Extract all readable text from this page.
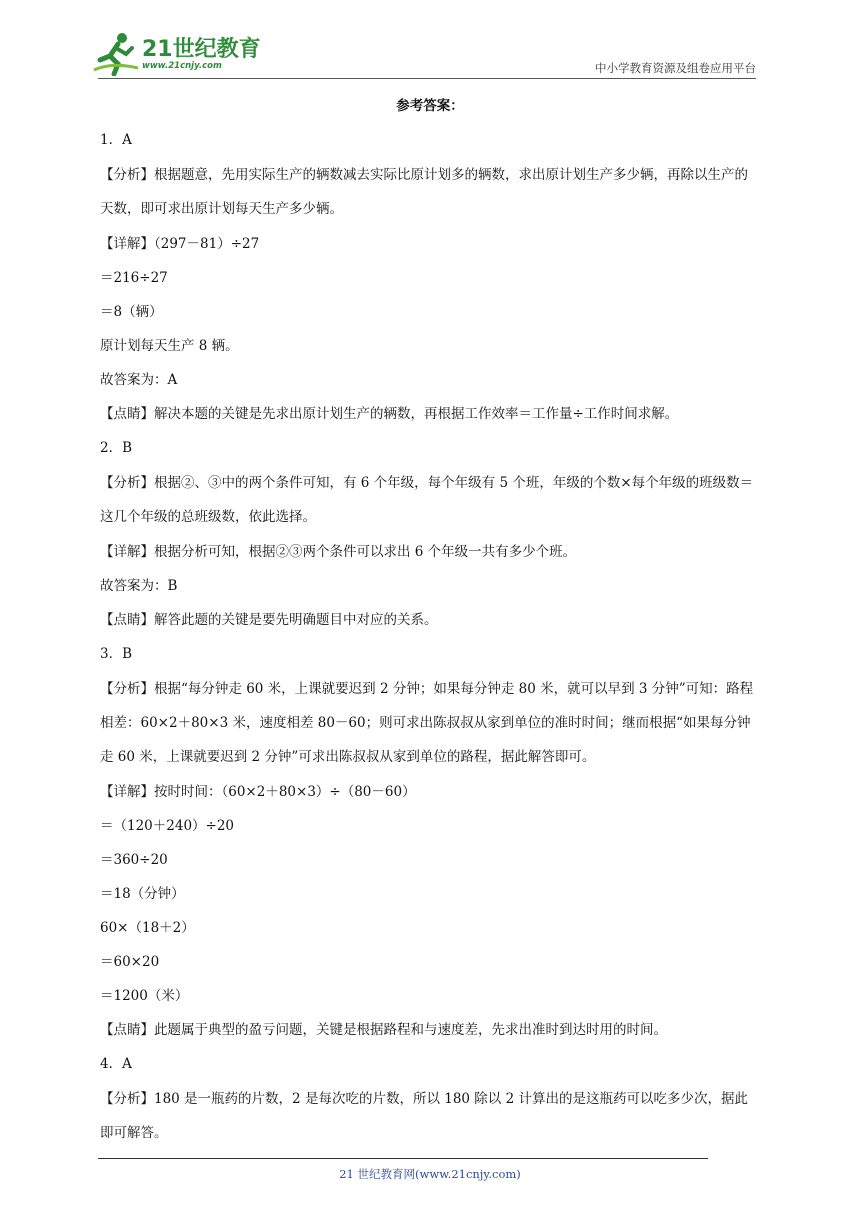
21世纪教育
www.21cnjy.com	中小学教育资源及组卷应用平台

参考答案：

1．A

【分析】根据题意，先用实际生产的辆数减去实际比原计划多的辆数，求出原计划生产多少辆，再除以生产的天数，即可求出原计划每天生产多少辆。

【详解】（297－81）÷27

＝216÷27

＝8（辆）

原计划每天生产 8 辆。

故答案为：A

【点睛】解决本题的关键是先求出原计划生产的辆数，再根据工作效率＝工作量÷工作时间求解。

2．B

【分析】根据②、③中的两个条件可知，有 6 个年级，每个年级有 5 个班，年级的个数×每个年级的班级数＝这几个年级的总班级数，依此选择。

【详解】根据分析可知，根据②③两个条件可以求出 6 个年级一共有多少个班。

故答案为：B

【点睛】解答此题的关键是要先明确题目中对应的关系。

3．B

【分析】根据“每分钟走 60 米，上课就要迟到 2 分钟；如果每分钟走 80 米，就可以早到 3 分钟”可知：路程相差：60×2＋80×3 米，速度相差 80－60；则可求出陈叔叔从家到单位的准时时间；继而根据“如果每分钟走 60 米，上课就要迟到 2 分钟”可求出陈叔叔从家到单位的路程，据此解答即可。

【详解】按时时间：（60×2＋80×3）÷（80－60）

＝（120＋240）÷20

＝360÷20

＝18（分钟）

60×（18＋2）

＝60×20

＝1200（米）

【点睛】此题属于典型的盈亏问题，关键是根据路程和与速度差，先求出准时到达时用的时间。

4．A

【分析】180 是一瓶药的片数，2 是每次吃的片数，所以 180 除以 2 计算出的是这瓶药可以吃多少次，据此即可解答。

21 世纪教育网(www.21cnjy.com)
